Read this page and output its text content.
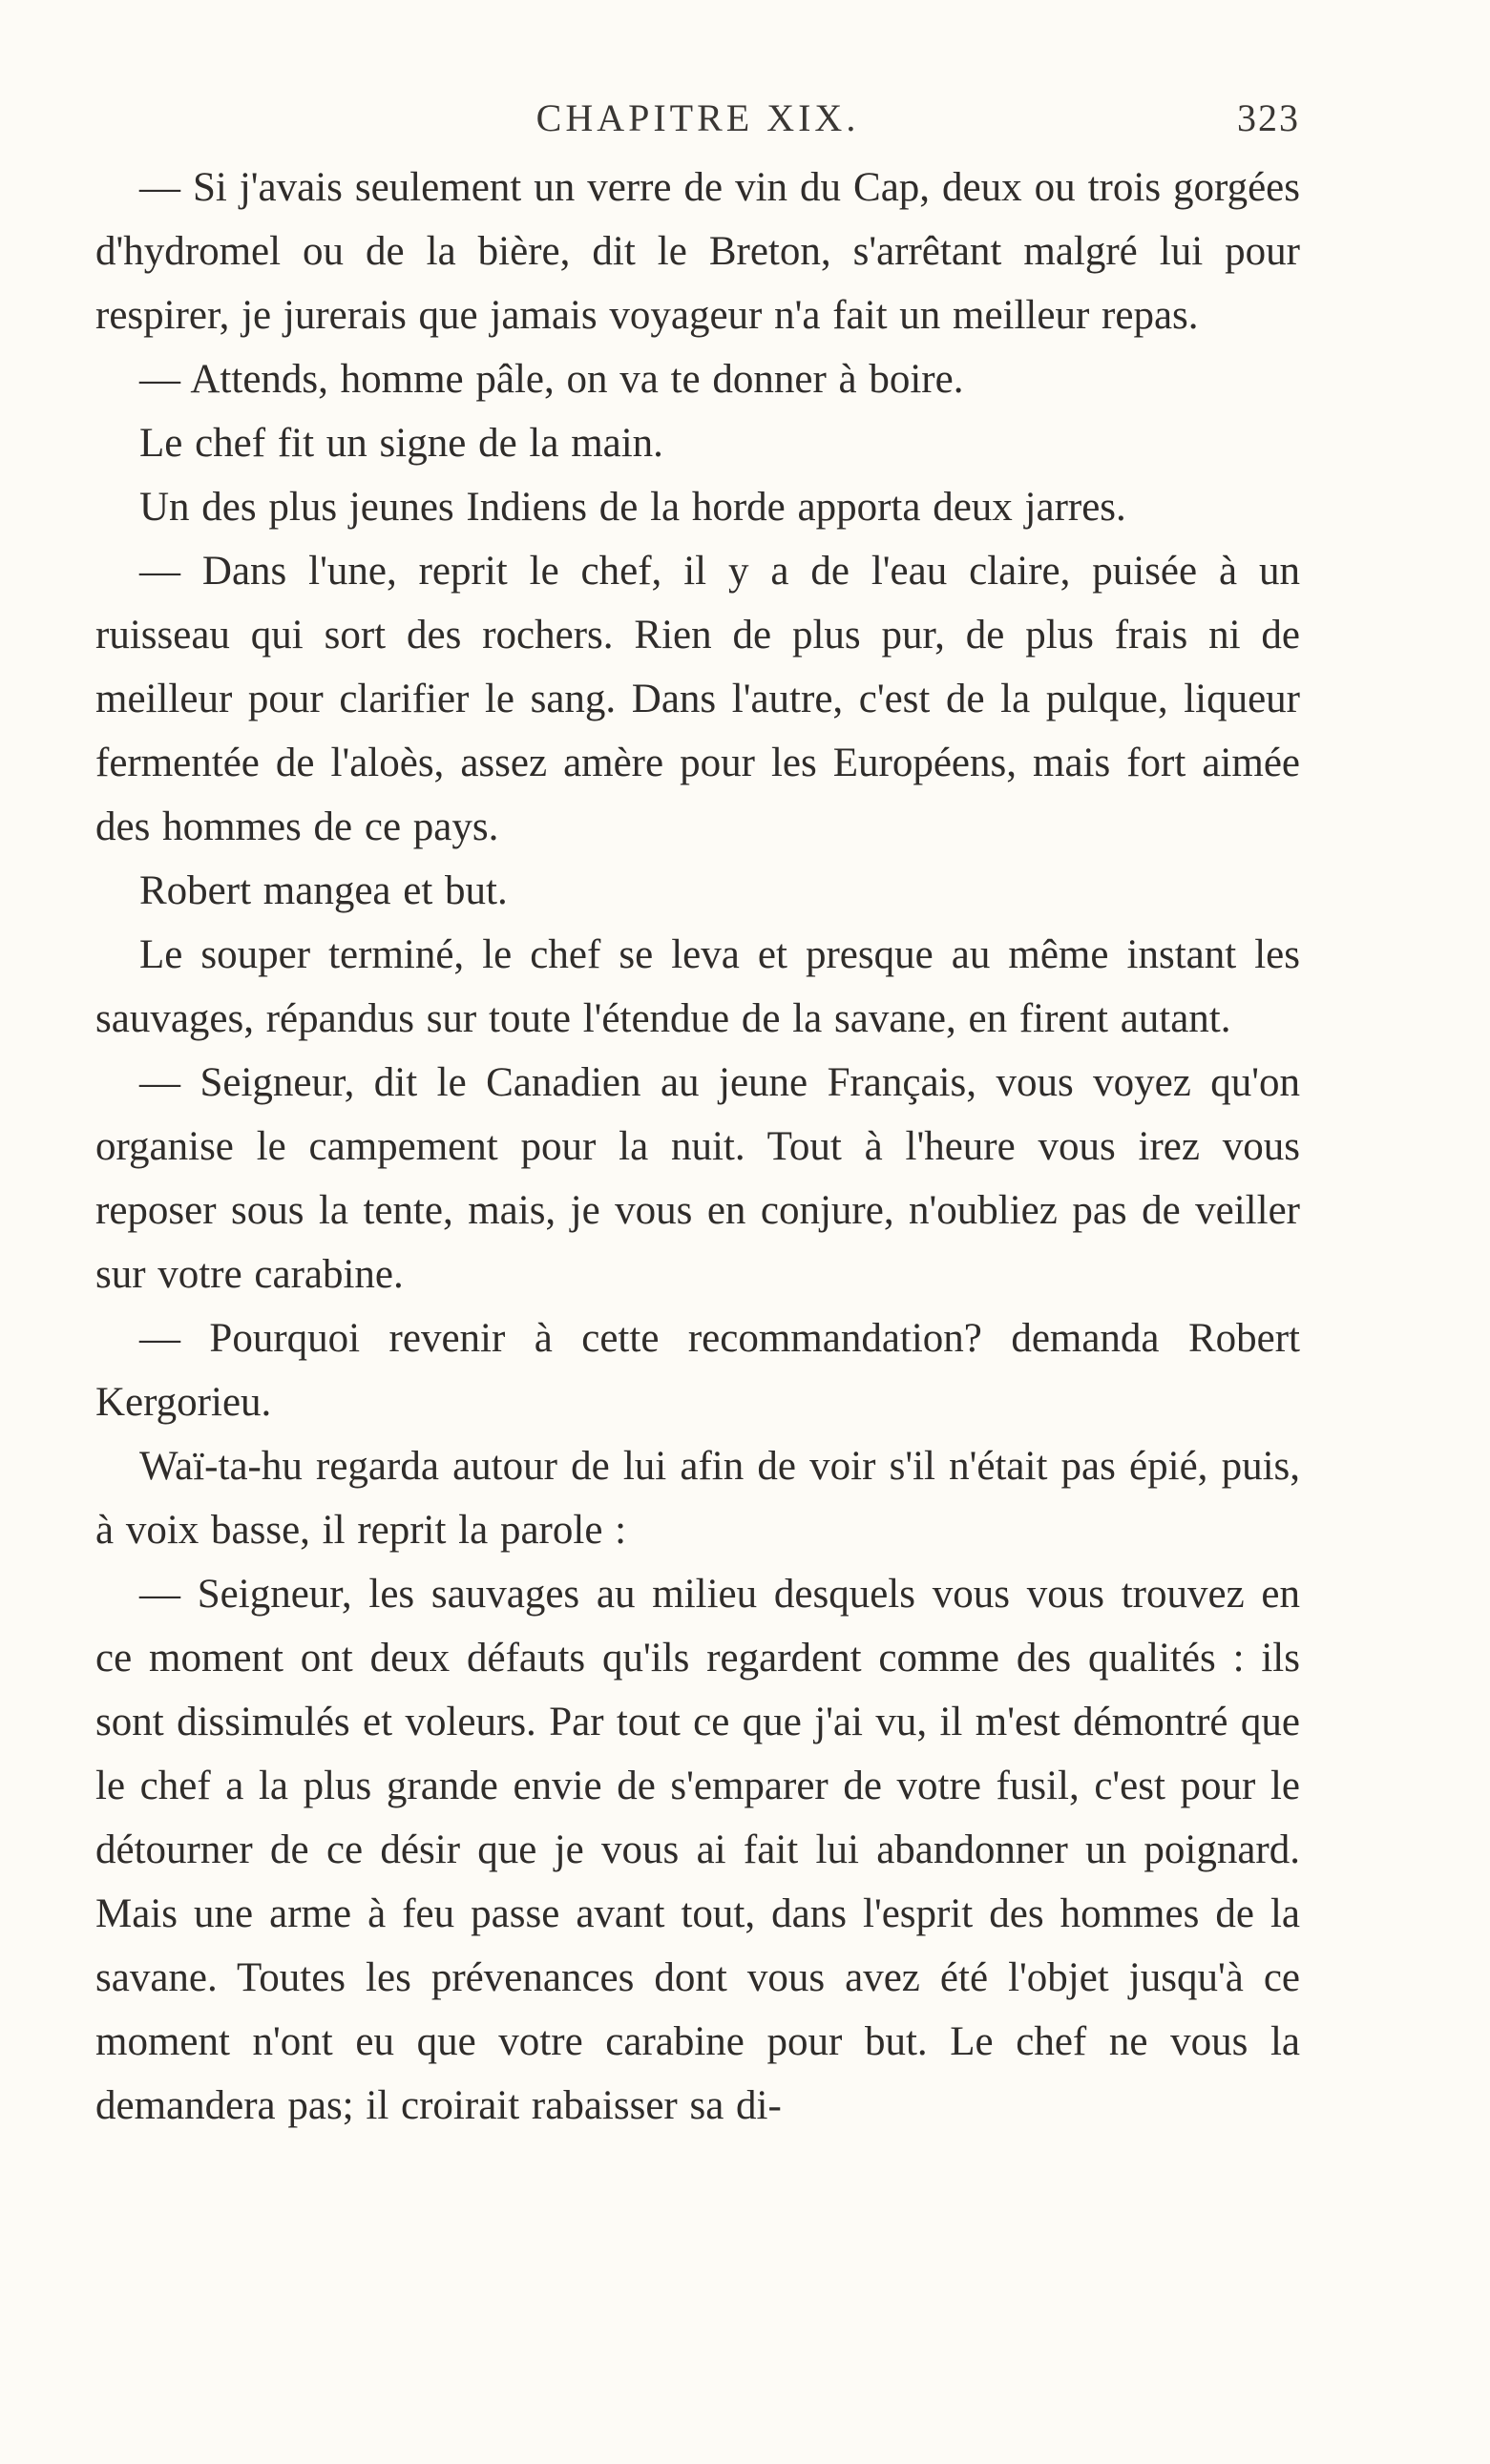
CHAPITRE XIX.	323

— Si j'avais seulement un verre de vin du Cap, deux ou trois gorgées d'hydromel ou de la bière, dit le Breton, s'arrêtant malgré lui pour respirer, je jurerais que jamais voyageur n'a fait un meilleur repas.

— Attends, homme pâle, on va te donner à boire.

Le chef fit un signe de la main.

Un des plus jeunes Indiens de la horde apporta deux jarres.

— Dans l'une, reprit le chef, il y a de l'eau claire, puisée à un ruisseau qui sort des rochers. Rien de plus pur, de plus frais ni de meilleur pour clarifier le sang. Dans l'autre, c'est de la pulque, liqueur fermentée de l'aloès, assez amère pour les Européens, mais fort aimée des hommes de ce pays.

Robert mangea et but.

Le souper terminé, le chef se leva et presque au même instant les sauvages, répandus sur toute l'étendue de la savane, en firent autant.

— Seigneur, dit le Canadien au jeune Français, vous voyez qu'on organise le campement pour la nuit. Tout à l'heure vous irez vous reposer sous la tente, mais, je vous en conjure, n'oubliez pas de veiller sur votre carabine.

— Pourquoi revenir à cette recommandation? demanda Robert Kergorieu.

Waï-ta-hu regarda autour de lui afin de voir s'il n'était pas épié, puis, à voix basse, il reprit la parole :

— Seigneur, les sauvages au milieu desquels vous vous trouvez en ce moment ont deux défauts qu'ils regardent comme des qualités : ils sont dissimulés et voleurs. Par tout ce que j'ai vu, il m'est démontré que le chef a la plus grande envie de s'emparer de votre fusil, c'est pour le détourner de ce désir que je vous ai fait lui abandonner un poignard. Mais une arme à feu passe avant tout, dans l'esprit des hommes de la savane. Toutes les prévenances dont vous avez été l'objet jusqu'à ce moment n'ont eu que votre carabine pour but. Le chef ne vous la demandera pas; il croirait rabaisser sa di-
